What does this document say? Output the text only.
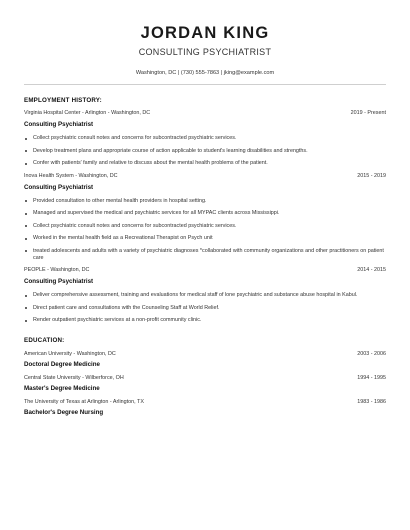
JORDAN KING
CONSULTING PSYCHIATRIST
Washington, DC | (730) 555-7863 | jking@example.com
EMPLOYMENT HISTORY:
Virginia Hospital Center - Arlington - Washington, DC	2019 - Present
Consulting Psychiatrist
Collect psychiatric consult notes and concerns for subcontracted psychiatric services.
Develop treatment plans and appropriate course of action applicable to student's learning disabilities and strengths.
Confer with patients' family and relative to discuss about the mental health problems of the patient.
Inova Health System - Washington, DC	2015 - 2019
Consulting Psychiatrist
Provided consultation to other mental health providers in hospital setting.
Managed and supervised the medical and psychiatric services for all MYPAC clients across Mississippi.
Collect psychiatric consult notes and concerns for subcontracted psychiatric services.
Worked in the mental health field as a Recreational Therapist on Psych unit
treated adolescents and adults with a variety of psychiatric diagnoses *collaborated with community organizations and other practitioners on patient care
PEOPLE - Washington, DC	2014 - 2015
Consulting Psychiatrist
Deliver comprehensive assessment, training and evaluations for medical staff of lone psychiatric and substance abuse hospital in Kabul.
Direct patient care and consultations with the Counseling Staff at World Relief.
Render outpatient psychiatric services at a non-profit community clinic.
EDUCATION:
American University - Washington, DC	2003 - 2006
Doctoral Degree Medicine
Central State University - Wilberforce, OH	1994 - 1995
Master's Degree Medicine
The University of Texas at Arlington - Arlington, TX	1983 - 1986
Bachelor's Degree Nursing
